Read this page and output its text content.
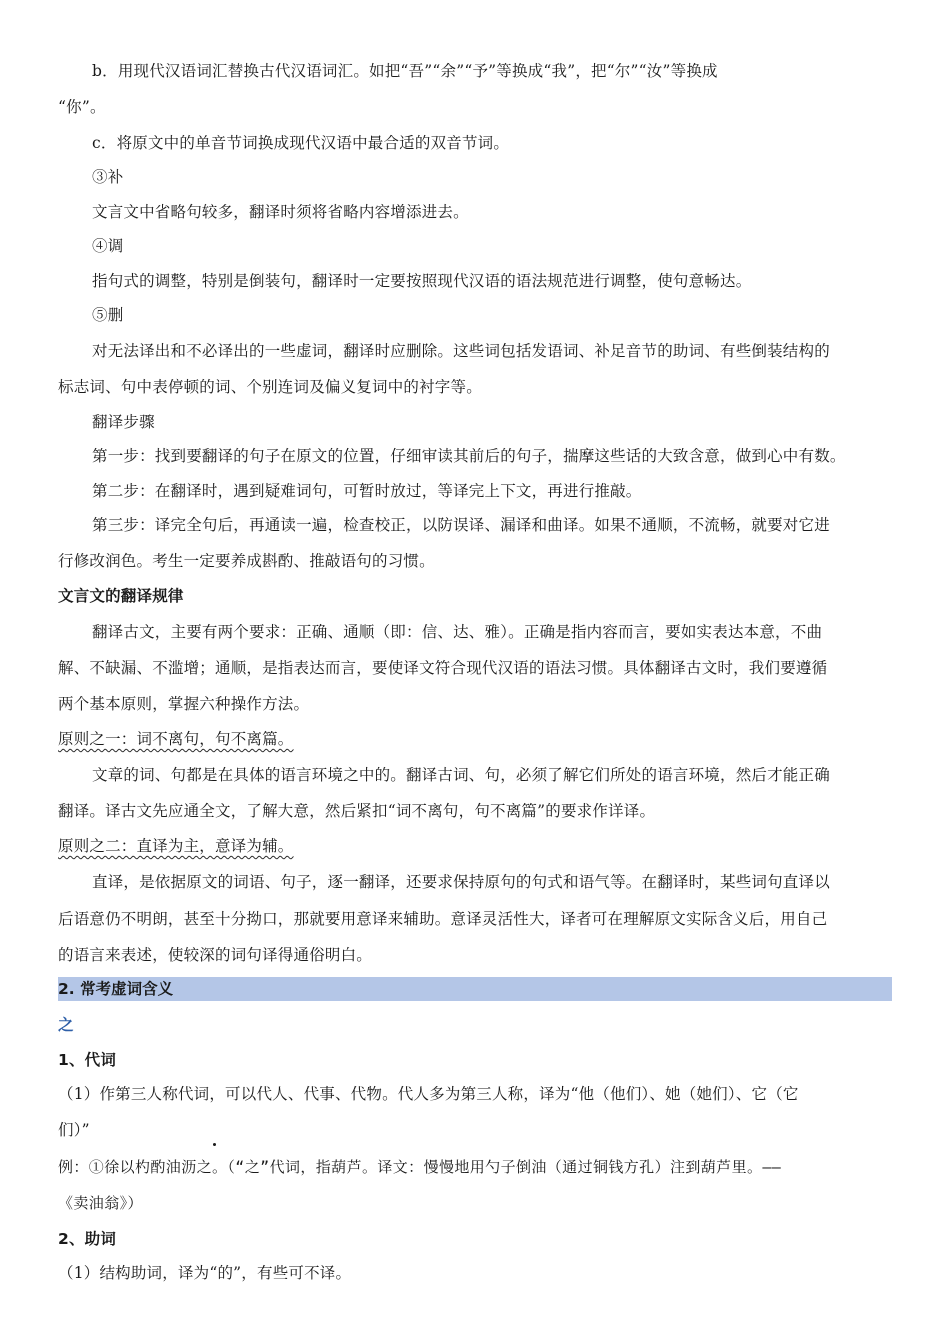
b．用现代汉语词汇替换古代汉语词汇。如把“吾”“余”“予”等换成“我”，把“尔”“汝”等换成
“你”。
c．将原文中的单音节词换成现代汉语中最合适的双音节词。
③补
文言文中省略句较多，翻译时须将省略内容增添进去。
④调
指句式的调整，特别是倒装句，翻译时一定要按照现代汉语的语法规范进行调整，使句意畅达。
⑤删
对无法译出和不必译出的一些虚词，翻译时应删除。这些词包括发语词、补足音节的助词、有些倒装结构的
标志词、句中表停顿的词、个别连词及偏义复词中的衬字等。
翻译步骤
第一步：找到要翻译的句子在原文的位置，仔细审读其前后的句子，揣摩这些话的大致含意，做到心中有数。
第二步：在翻译时，遇到疑难词句，可暂时放过，等译完上下文，再进行推敲。
第三步：译完全句后，再通读一遍，检查校正，以防误译、漏译和曲译。如果不通顺，不流畅，就要对它进
行修改润色。考生一定要养成斟酌、推敲语句的习惯。
文言文的翻译规律
翻译古文，主要有两个要求：正确、通顺（即：信、达、雅）。正确是指内容而言，要如实表达本意，不曲
解、不缺漏、不滥增；通顺，是指表达而言，要使译文符合现代汉语的语法习惯。具体翻译古文时，我们要遵循
两个基本原则，掌握六种操作方法。
原则之一：词不离句，句不离篇。
文章的词、句都是在具体的语言环境之中的。翻译古词、句，必须了解它们所处的语言环境，然后才能正确
翻译。译古文先应通全文，了解大意，然后紧扣“词不离句，句不离篇”的要求作详译。
原则之二：直译为主，意译为辅。
直译，是依据原文的词语、句子，逐一翻译，还要求保持原句的句式和语气等。在翻译时，某些词句直译以
后语意仍不明朗，甚至十分拗口，那就要用意译来辅助。意译灵活性大，译者可在理解原文实际含义后，用自己
的语言来表述，使较深的词句译得通俗明白。
2. 常考虚词含义
之
1、代词
（1）作第三人称代词，可以代人、代事、代物。代人多为第三人称，译为“他（他们）、她（她们）、它（它
们）”
例：①徐以杓酌油沥之。（“之”代词，指葫芦。译文：慢慢地用勺子倒油（通过铜钱方孔）注到葫芦里。——
《卖油翁》）
2、助词
（1）结构助词，译为“的”，有些可不译。
